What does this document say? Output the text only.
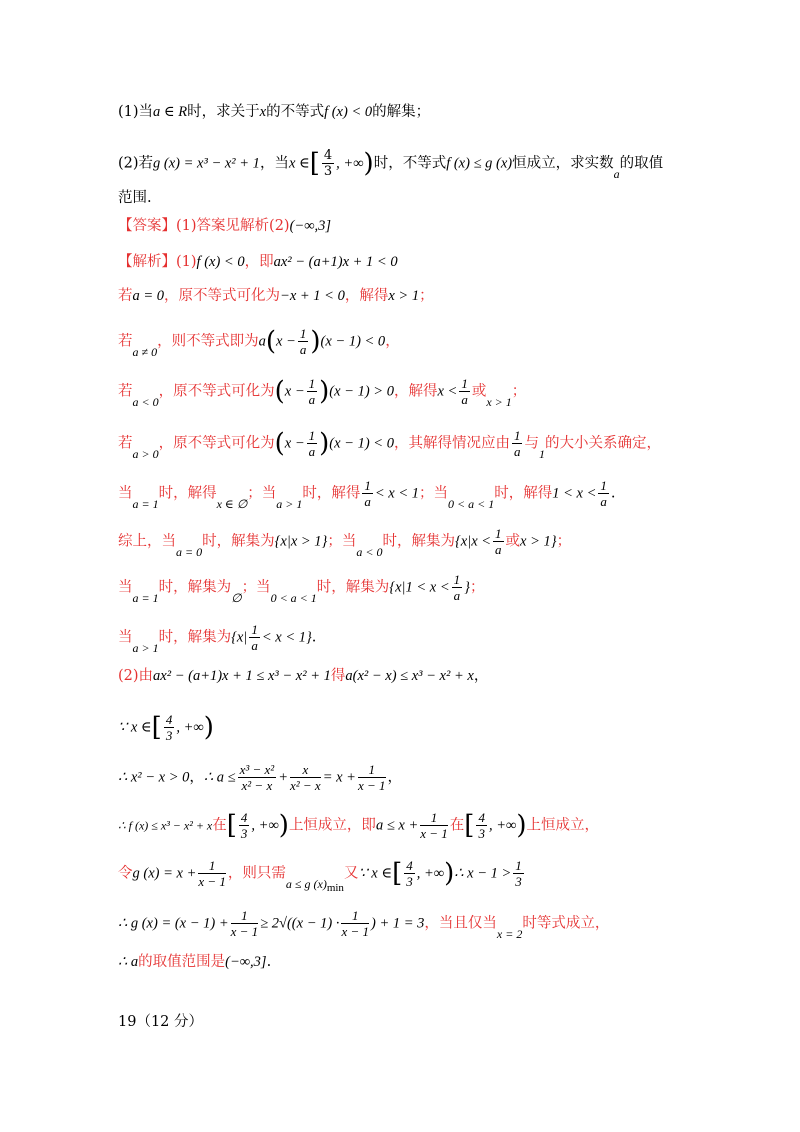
(1)当a ∈ R时，求关于x的不等式f (x) < 0的解集；
(2)若g (x) = x³ − x² + 1，当x ∈[ $\frac{4}{3}$ , +∞)时，不等式f (x) ≤ g (x)恒成立，求实数a的取值
范围.
【答案】(1)答案见解析(2)(−∞,3]
【解析】(1)f (x) < 0，即ax² − (a+1)x + 1 < 0
若a = 0，原不等式可化为−x + 1 < 0，解得x > 1；
若a ≠ 0，则不等式即为$a(x - \frac{1}{a} )(x - 1) < 0$，
若a < 0，原不等式可化为$(x - \frac{1}{a} )(x - 1) > 0$，解得$x < \frac{1}{a}$ 或x > 1；
若a > 0，原不等式可化为$(x - \frac{1}{a} )(x - 1) < 0$，其解得情况应由 $\frac{1}{a}$ 与1的大小关系确定，
当a = 1时，解得x ∈ ∅；当a > 1时，解得 $\frac{1}{a} < x < 1$；当0 < a < 1时，解得$1 < x < \frac{1}{a}$ .
综上，当a = 0时，解集为{x|x > 1}；当a < 0时，解集为{$x|x < \frac{1}{a}$ 或x > 1}；
当a = 1时，解集为∅；当0 < a < 1时，解集为{$x|1 < x < \frac{1}{a}$ }；
当a > 1时，解集为$\{x| \frac{1}{a} < x < 1\}$.
(2)由ax² − (a+1)x + 1 ≤ x³ − x² + 1得a(x² − x) ≤ x³ − x² + x，
∵ x ∈[ $\frac{4}{3}$ , +∞)
∴ x² − x > 0，∴ $a \le \frac{\text{x³ − x²}}{\text{x² − x}} + \frac{x}{\text{x² − x}} = x + \frac{1}{x - 1}$ ，
∴ f (x) ≤ x³ − x² + x在[ $\frac{4}{3}$ , +∞)上恒成立，即$a \le x + \frac{1}{x - 1}$ 在[ $\frac{4}{3}$ , +∞)上恒成立，
令g $(x) = x + \frac{1}{x - 1}$ ，则只需a ≤ g (x)min又∵ x ∈[ $\frac{4}{3}$ , +∞)∴ $x - 1 > \frac{1}{3}$
∴ g $(x) = (x - 1) + \frac{1}{x - 1} \ge 2√((x - 1) \cdot \frac{1}{x - 1}$ ) + 1 = 3，当且仅当x = 2时等式成立，
∴ a的取值范围是(−∞,3].
19（12 分）
